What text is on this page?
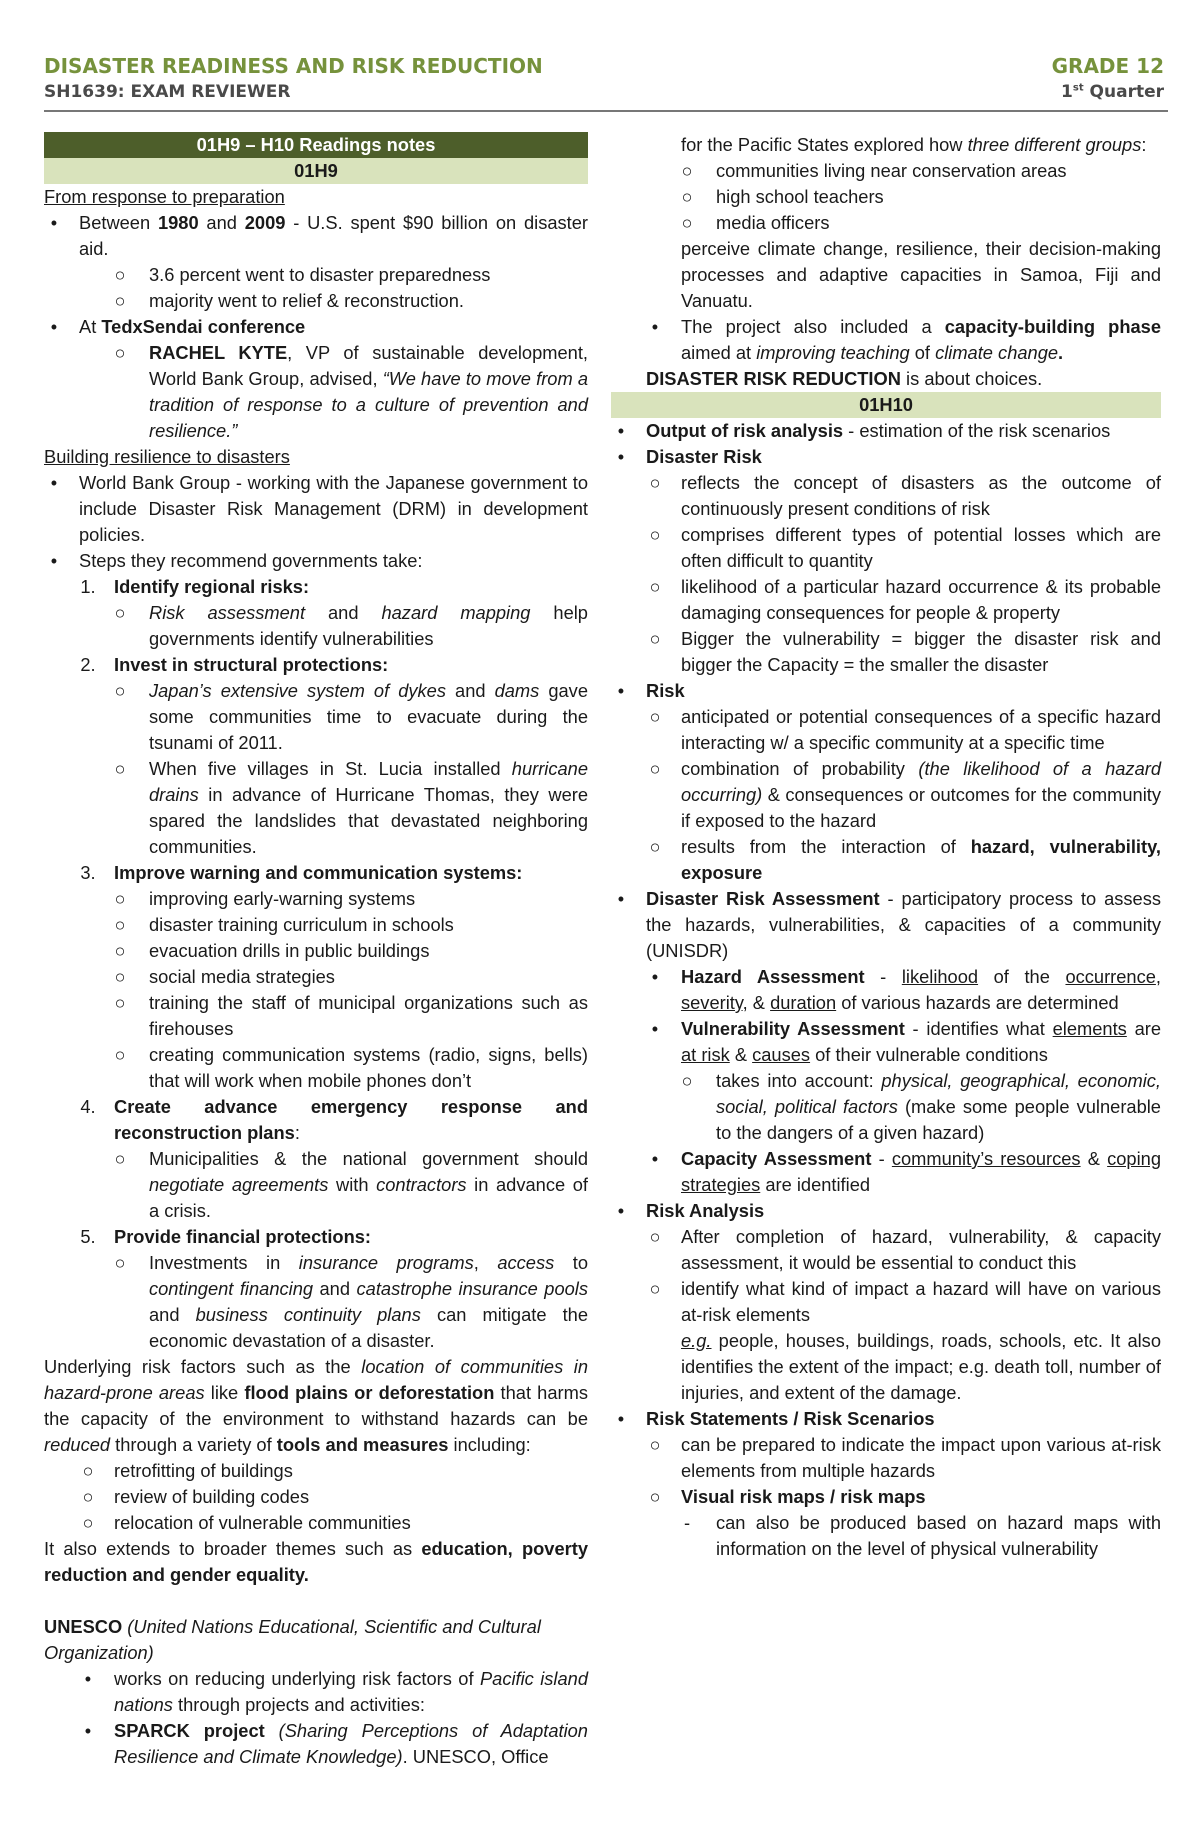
DISASTER READINESS AND RISK REDUCTION
SH1639: EXAM REVIEWER
GRADE 12
1st Quarter
01H9 – H10 Readings notes
01H9

From response to preparation

•	Between 1980 and 2009 - U.S. spent $90 billion on disaster aid.
○ 3.6 percent went to disaster preparedness
○ majority went to relief & reconstruction.
•	At TedxSendai conference
○ RACHEL KYTE, VP of sustainable development, World Bank Group, advised, “We have to move from a tradition of response to a culture of prevention and resilience.”

Building resilience to disasters

•	World Bank Group - working with the Japanese government to include Disaster Risk Management (DRM) in development policies.
•	Steps they recommend governments take:
1. Identify regional risks:
○ Risk assessment and hazard mapping help governments identify vulnerabilities
2. Invest in structural protections:
○ Japan’s extensive system of dykes and dams gave some communities time to evacuate during the tsunami of 2011.
○ When five villages in St. Lucia installed hurricane drains in advance of Hurricane Thomas, they were spared the landslides that devastated neighboring communities.
3. Improve warning and communication systems:
○ improving early-warning systems
○ disaster training curriculum in schools
○ evacuation drills in public buildings
○ social media strategies
○ training the staff of municipal organizations such as firehouses
○ creating communication systems (radio, signs, bells) that will work when mobile phones don’t
4. Create advance emergency response and reconstruction plans:
○ Municipalities & the national government should negotiate agreements with contractors in advance of a crisis.
5. Provide financial protections:
○ Investments in insurance programs, access to contingent financing and catastrophe insurance pools and business continuity plans can mitigate the economic devastation of a disaster.

Underlying risk factors such as the location of communities in hazard-prone areas like flood plains or deforestation that harms the capacity of the environment to withstand hazards can be reduced through a variety of tools and measures including:

○ retrofitting of buildings
○ review of building codes
○ relocation of vulnerable communities

It also extends to broader themes such as education, poverty reduction and gender equality.

UNESCO (United Nations Educational, Scientific and Cultural Organization)

•	works on reducing underlying risk factors of Pacific island nations through projects and activities:
•	SPARCK project (Sharing Perceptions of Adaptation Resilience and Climate Knowledge). UNESCO, Office

for the Pacific States explored how three different groups:

○ communities living near conservation areas
○ high school teachers
○ media officers

perceive climate change, resilience, their decision-making processes and adaptive capacities in Samoa, Fiji and Vanuatu.

•	The project also included a capacity-building phase aimed at improving teaching of climate change.

DISASTER RISK REDUCTION is about choices.

01H10
•	Output of risk analysis - estimation of the risk scenarios
•	Disaster Risk
○ reflects the concept of disasters as the outcome of continuously present conditions of risk
○ comprises different types of potential losses which are often difficult to quantity
○ likelihood of a particular hazard occurrence & its probable damaging consequences for people & property
○ Bigger the vulnerability = bigger the disaster risk and bigger the Capacity = the smaller the disaster
•	Risk
○ anticipated or potential consequences of a specific hazard interacting w/ a specific community at a specific time
○ combination of probability (the likelihood of a hazard occurring) & consequences or outcomes for the community if exposed to the hazard
○ results from the interaction of hazard, vulnerability, exposure
•	Disaster Risk Assessment - participatory process to assess the hazards, vulnerabilities, & capacities of a community (UNISDR)
•	Hazard Assessment - likelihood of the occurrence, severity, & duration of various hazards are determined
•	Vulnerability Assessment - identifies what elements are at risk & causes of their vulnerable conditions
○ takes into account: physical, geographical, economic, social, political factors (make some people vulnerable to the dangers of a given hazard)
•	Capacity Assessment - community’s resources & coping strategies are identified
•	Risk Analysis
○ After completion of hazard, vulnerability, & capacity assessment, it would be essential to conduct this
○ identify what kind of impact a hazard will have on various at-risk elements
e.g. people, houses, buildings, roads, schools, etc. It also identifies the extent of the impact; e.g. death toll, number of injuries, and extent of the damage.
•	Risk Statements / Risk Scenarios
○ can be prepared to indicate the impact upon various at-risk elements from multiple hazards
○ Visual risk maps / risk maps
-	can also be produced based on hazard maps with information on the level of physical vulnerability
